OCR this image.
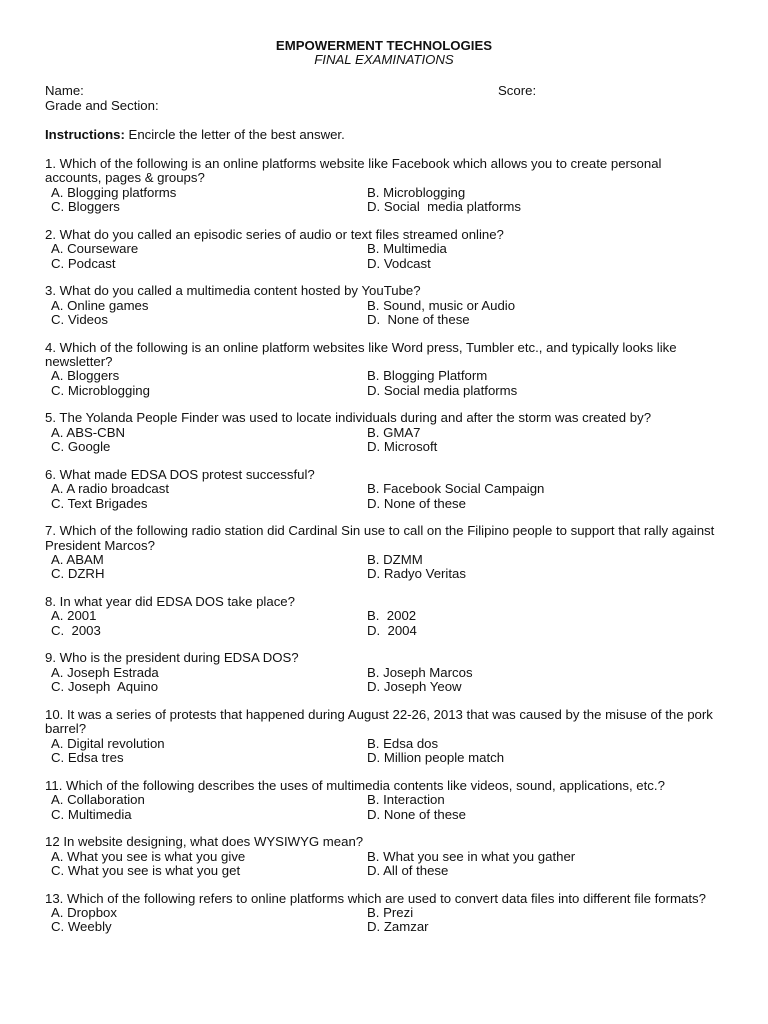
EMPOWERMENT TECHNOLOGIES
FINAL EXAMINATIONS
Name:	Score:
Grade and Section:
Instructions: Encircle the letter of the best answer.
1. Which of the following is an online platforms website like Facebook which allows you to create personal accounts, pages & groups?
A. Blogging platforms	B. Microblogging
C. Bloggers	D. Social  media platforms
2. What do you called an episodic series of audio or text files streamed online?
A. Courseware	B. Multimedia
C. Podcast	D. Vodcast
3. What do you called a multimedia content hosted by YouTube?
A. Online games	B. Sound, music or Audio
C. Videos	D.  None of these
4. Which of the following is an online platform websites like Word press, Tumbler etc., and typically looks like newsletter?
A. Bloggers	B. Blogging Platform
C. Microblogging	D. Social media platforms
5. The Yolanda People Finder was used to locate individuals during and after the storm was created by?
A. ABS-CBN	B. GMA7
C. Google	D. Microsoft
6. What made EDSA DOS protest successful?
A. A radio broadcast	B. Facebook Social Campaign
C. Text Brigades	D. None of these
7. Which of the following radio station did Cardinal Sin use to call on the Filipino people to support that rally against President Marcos?
A. ABAM	B. DZMM
C. DZRH	D. Radyo Veritas
8. In what year did EDSA DOS take place?
A. 2001	B.  2002
C.  2003	D.  2004
9. Who is the president during EDSA DOS?
A. Joseph Estrada	B. Joseph Marcos
C. Joseph  Aquino	D. Joseph Yeow
10. It was a series of protests that happened during August 22-26, 2013 that was caused by the misuse of the pork barrel?
A. Digital revolution	B. Edsa dos
C. Edsa tres	D. Million people match
11. Which of the following describes the uses of multimedia contents like videos, sound, applications, etc.?
A. Collaboration	B. Interaction
C. Multimedia	D. None of these
12 In website designing, what does WYSIWYG mean?
A. What you see is what you give	B. What you see in what you gather
C. What you see is what you get	D. All of these
13. Which of the following refers to online platforms which are used to convert data files into different file formats?
A. Dropbox	B. Prezi
C. Weebly	D. Zamzar
